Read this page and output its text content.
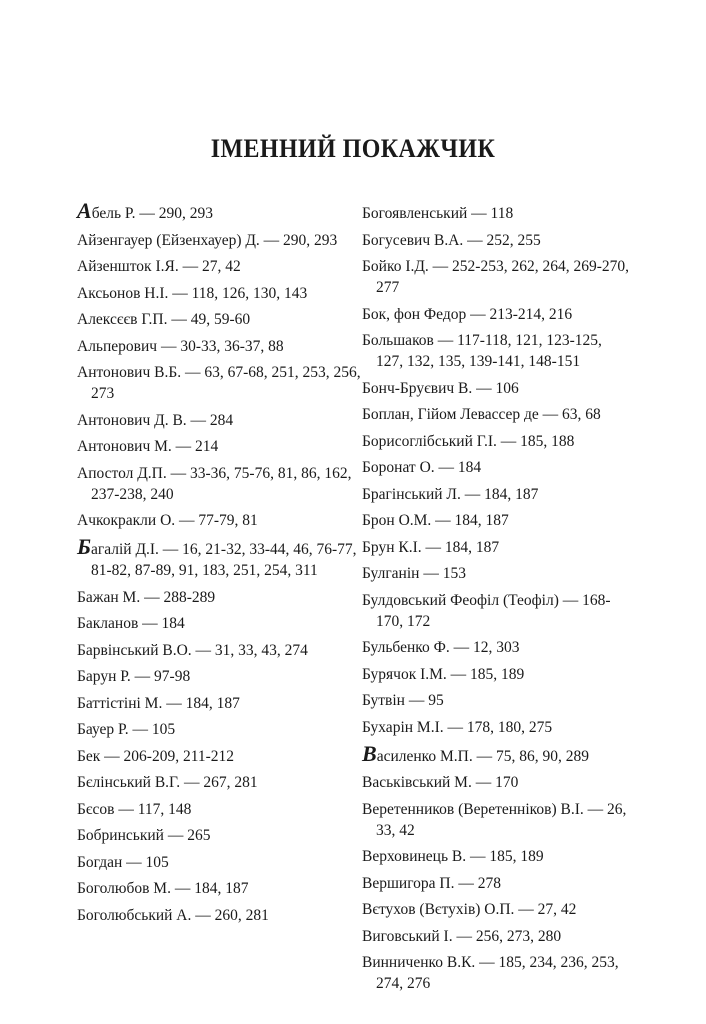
ІМЕННИЙ ПОКАЖЧИК
Абель Р. — 290, 293
Айзенгауер (Ейзенхауер) Д. — 290, 293
Айзеншток І.Я. — 27, 42
Аксьонов Н.І. — 118, 126, 130, 143
Алексєєв Г.П. — 49, 59-60
Альперович — 30-33, 36-37, 88
Антонович В.Б. — 63, 67-68, 251, 253, 256, 273
Антонович Д. В. — 284
Антонович М. — 214
Апостол Д.П. — 33-36, 75-76, 81, 86, 162, 237-238, 240
Ачкокракли О. — 77-79, 81
Багалій Д.І. — 16, 21-32, 33-44, 46, 76-77, 81-82, 87-89, 91, 183, 251, 254, 311
Бажан М. — 288-289
Бакланов — 184
Барвінський В.О. — 31, 33, 43, 274
Барун Р. — 97-98
Баттістіні М. — 184, 187
Бауер Р. — 105
Бек — 206-209, 211-212
Бєлінський В.Г. — 267, 281
Бєсов — 117, 148
Бобринський — 265
Богдан — 105
Боголюбов М. — 184, 187
Боголюбський А. — 260, 281
Богоявленський — 118
Богусевич В.А. — 252, 255
Бойко І.Д. — 252-253, 262, 264, 269-270, 277
Бок, фон Федор — 213-214, 216
Большаков — 117-118, 121, 123-125, 127, 132, 135, 139-141, 148-151
Бонч-Бруєвич В. — 106
Боплан, Гійом Левассер де — 63, 68
Борисоглібський Г.І. — 185, 188
Боронат О. — 184
Брагінський Л. — 184, 187
Брон О.М. — 184, 187
Брун К.І. — 184, 187
Булганін — 153
Булдовський Феофіл (Теофіл) — 168-170, 172
Бульбенко Ф. — 12, 303
Бурячок І.М. — 185, 189
Бутвін — 95
Бухарін М.І. — 178, 180, 275
Василенко М.П. — 75, 86, 90, 289
Васьківський М. — 170
Веретенников (Веретенніков) В.І. — 26, 33, 42
Верховинець В. — 185, 189
Вершигора П. — 278
Вєтухов (Вєтухів) О.П. — 27, 42
Виговський І. — 256, 273, 280
Винниченко В.К. — 185, 234, 236, 253, 274, 276
